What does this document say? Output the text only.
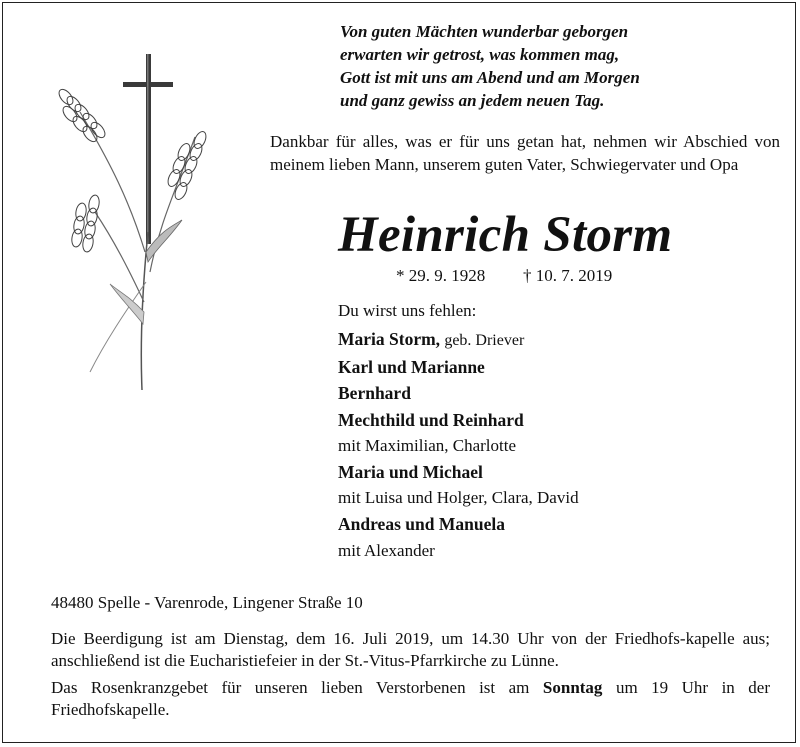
Von guten Mächten wunderbar geborgen
erwarten wir getrost, was kommen mag,
Gott ist mit uns am Abend und am Morgen
und ganz gewiss an jedem neuen Tag.
Dankbar für alles, was er für uns getan hat, nehmen wir Abschied von meinem lieben Mann, unserem guten Vater, Schwiegervater und Opa
Heinrich Storm
* 29. 9. 1928 † 10. 7. 2019
Du wirst uns fehlen:
Maria Storm, geb. Driever
Karl und Marianne
Bernhard
Mechthild und Reinhard
mit Maximilian, Charlotte
Maria und Michael
mit Luisa und Holger, Clara, David
Andreas und Manuela
mit Alexander
48480 Spelle - Varenrode, Lingener Straße 10
Die Beerdigung ist am Dienstag, dem 16. Juli 2019, um 14.30 Uhr von der Friedhofs-kapelle aus; anschließend ist die Eucharistiefeier in der St.-Vitus-Pfarrkirche zu Lünne.
Das Rosenkranzgebet für unseren lieben Verstorbenen ist am Sonntag um 19 Uhr in der Friedhofskapelle.
